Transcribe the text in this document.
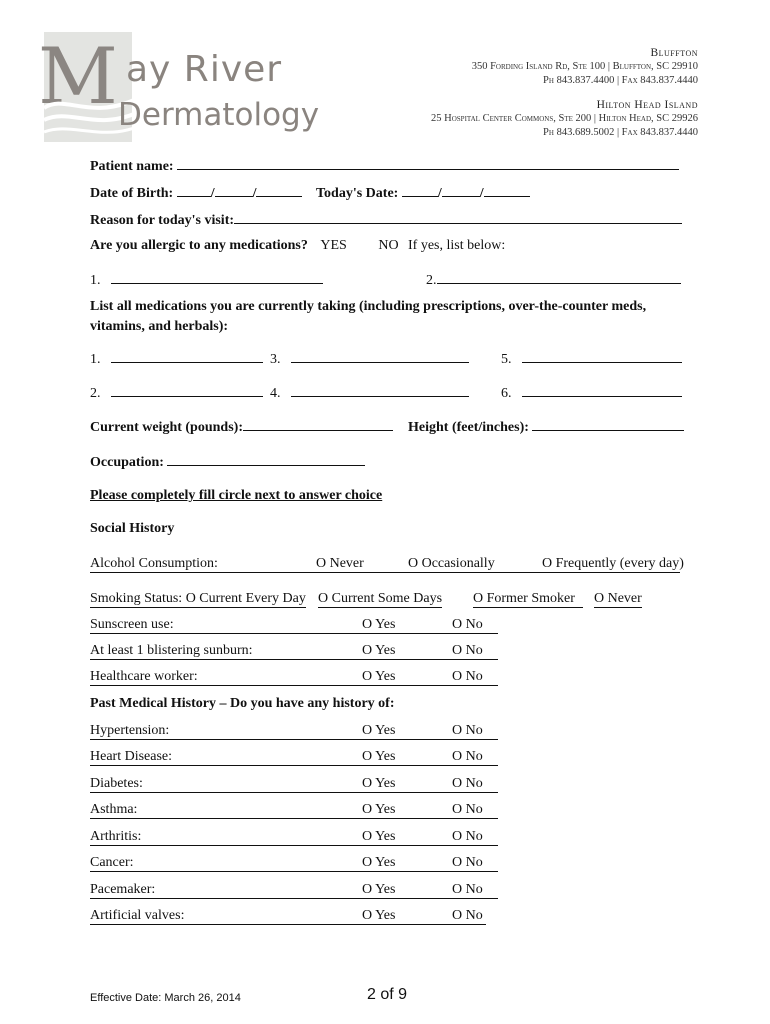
M ay River
Dermatology
Bluffton
350 Fording Island Rd, Ste 100 | Bluffton, SC 29910
Ph 843.837.4400 | Fax 843.837.4440
Hilton Head Island
25 Hospital Center Commons, Ste 200 | Hilton Head, SC 29926
Ph 843.689.5002 | Fax 843.837.4440
Patient name:
Date of Birth:	/	/	Today's Date:	/	/
Reason for today's visit:
Are you allergic to any medications?
YES NO If yes, list below:
1.	2.
List all medications you are currently taking (including prescriptions, over-the-counter meds, vitamins, and herbals):
1.	3.	5.
2.	4.	6.
Current weight (pounds):	Height (feet/inches):
Occupation:
Please completely fill circle next to answer choice
Social History
Alcohol Consumption:	O Never	O Occasionally	O Frequently (every day)
Smoking Status: O Current Every Day O Current Some Days O Former Smoker	O Never
Sunscreen use:	O Yes	O No
At least 1 blistering sunburn:	O Yes	O No
Healthcare worker:	O Yes	O No
Past Medical History – Do you have any history of:
Hypertension:	O Yes	O No
Heart Disease:	O Yes	O No
Diabetes:	O Yes	O No
Asthma:	O Yes	O No
Arthritis:	O Yes	O No
Cancer:	O Yes	O No
Pacemaker:	O Yes	O No
Artificial valves:	O Yes	O No
Effective Date: March 26, 2014	2 of 9
